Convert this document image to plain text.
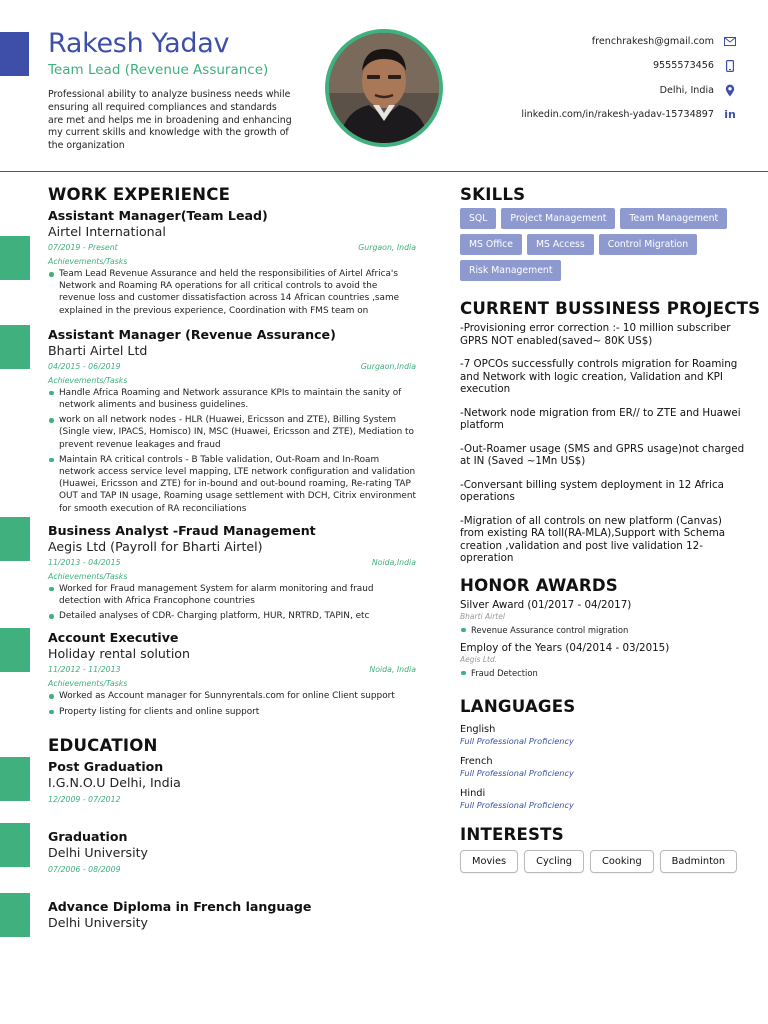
Rakesh Yadav
Team Lead (Revenue Assurance)
Professional ability to analyze business needs while ensuring all required compliances and standards are met and helps me in broadening and enhancing my current skills and knowledge with the growth of the organization
frenchrakesh@gmail.com
9555573456
Delhi, India
linkedin.com/in/rakesh-yadav-15734897 in
WORK EXPERIENCE
Assistant Manager(Team Lead)
Airtel International
07/2019 - Present	Gurgaon, India
Achievements/Tasks
Team Lead Revenue Assurance and held the responsibilities of Airtel Africa's Network and Roaming RA operations for all critical controls to avoid the revenue loss and customer dissatisfaction across 14 African countries ,same explained in the previous experience, Coordination with FMS team on
Assistant Manager (Revenue Assurance)
Bharti Airtel Ltd
04/2015 - 06/2019	Gurgaon,India
Achievements/Tasks
Handle Africa Roaming and Network assurance KPIs to maintain the sanity of network aliments and business guidelines.
work on all network nodes - HLR (Huawei, Ericsson and ZTE), Billing System (Single view, IPACS, Homisco) IN, MSC (Huawei, Ericsson and ZTE), Mediation to prevent revenue leakages and fraud
Maintain RA critical controls - B Table validation, Out-Roam and In-Roam network access service level mapping, LTE network configuration and validation (Huawei, Ericsson and ZTE) for in-bound and out-bound roaming, Re-rating TAP OUT and TAP IN usage, Roaming usage settlement with DCH, Citrix environment for smooth execution of RA reconciliations
Business Analyst -Fraud Management
Aegis Ltd (Payroll for Bharti Airtel)
11/2013 - 04/2015	Noida,India
Achievements/Tasks
Worked for Fraud management System for alarm monitoring and fraud detection with Africa Francophone countries
Detailed analyses of CDR- Charging platform, HUR, NRTRD, TAPIN, etc
Account Executive
Holiday rental solution
11/2012 - 11/2013	Noida, India
Achievements/Tasks
Worked as Account manager for Sunnyrentals.com for online Client support
Property listing for clients and online support
EDUCATION
Post Graduation
I.G.N.O.U Delhi, India
12/2009 - 07/2012
Graduation
Delhi University
07/2006 - 08/2009
Advance Diploma in French language
Delhi University
SKILLS
SQL	Project Management	Team Management
MS Office	MS Access	Control Migration
Risk Management
CURRENT BUSSINESS PROJECTS
-Provisioning error correction :- 10 million subscriber GPRS NOT enabled(saved~ 80K US$)
-7 OPCOs successfully controls migration for Roaming and Network with logic creation, Validation and KPI execution
-Network node migration from ER// to ZTE and Huawei platform
-Out-Roamer usage (SMS and GPRS usage)not charged at IN (Saved ~1Mn US$)
-Conversant billing system deployment in 12 Africa operations
-Migration of all controls on new platform (Canvas) from existing RA toll(RA-MLA),Support with Schema creation ,validation and post live validation 12-opreration
HONOR AWARDS
Silver Award (01/2017 - 04/2017)
Bharti Airtel
Revenue Assurance control migration
Employ of the Years (04/2014 - 03/2015)
Aegis Ltd.
Fraud Detection
LANGUAGES
English
Full Professional Proficiency
French
Full Professional Proficiency
Hindi
Full Professional Proficiency
INTERESTS
Movies	Cycling	Cooking	Badminton
